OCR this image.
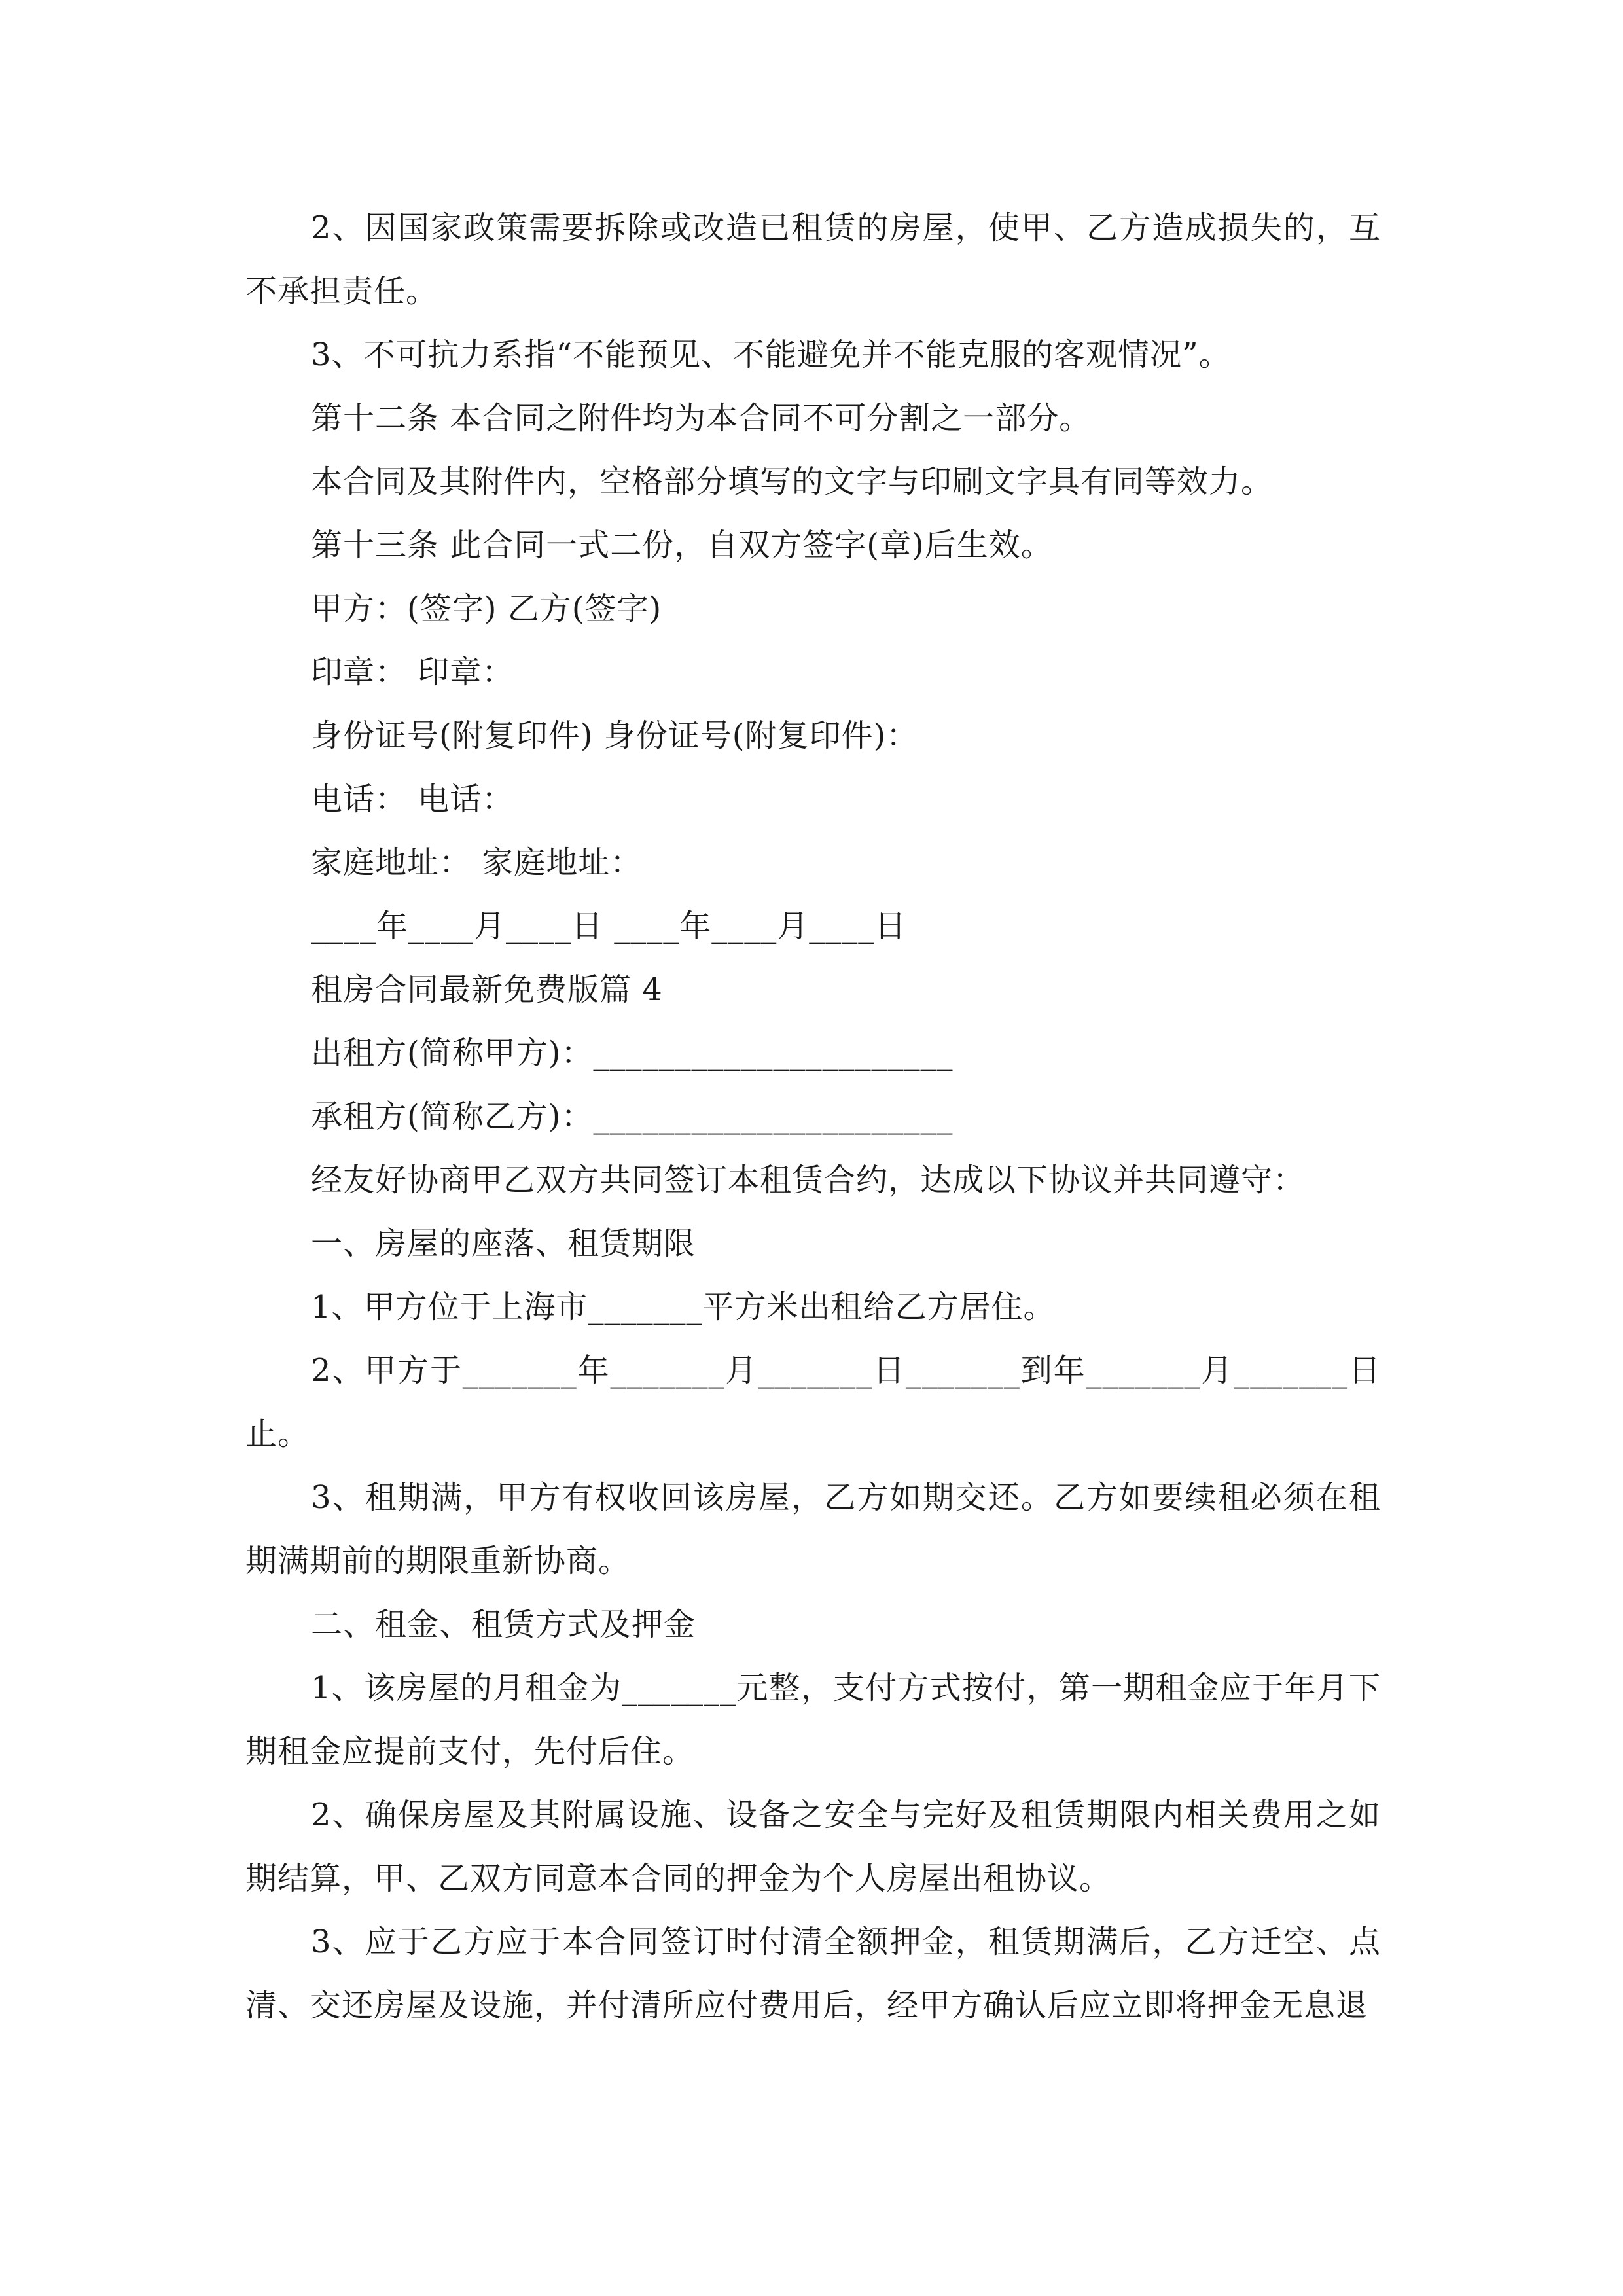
2、因国家政策需要拆除或改造已租赁的房屋，使甲、乙方造成损失的，互不承担责任。

3、不可抗力系指“不能预见、不能避免并不能克服的客观情况”。

第十二条 本合同之附件均为本合同不可分割之一部分。

本合同及其附件内，空格部分填写的文字与印刷文字具有同等效力。

第十三条 此合同一式二份，自双方签字(章)后生效。

甲方：(签字) 乙方(签字)

印章： 印章：

身份证号(附复印件) 身份证号(附复印件)：

电话： 电话：

家庭地址： 家庭地址：

____年____月____日 ____年____月____日

租房合同最新免费版篇 4

出租方(简称甲方)：______________________

承租方(简称乙方)：______________________

经友好协商甲乙双方共同签订本租赁合约，达成以下协议并共同遵守：

一、房屋的座落、租赁期限

1、甲方位于上海市_______平方米出租给乙方居住。

2、甲方于_______年_______月_______日_______到年_______月_______日止。

3、租期满，甲方有权收回该房屋，乙方如期交还。乙方如要续租必须在租期满期前的期限重新协商。

二、租金、租赁方式及押金

1、该房屋的月租金为_______元整，支付方式按付，第一期租金应于年月下期租金应提前支付，先付后住。

2、确保房屋及其附属设施、设备之安全与完好及租赁期限内相关费用之如期结算，甲、乙双方同意本合同的押金为个人房屋出租协议。

3、应于乙方应于本合同签订时付清全额押金，租赁期满后，乙方迁空、点清、交还房屋及设施，并付清所应付费用后，经甲方确认后应立即将押金无息退
